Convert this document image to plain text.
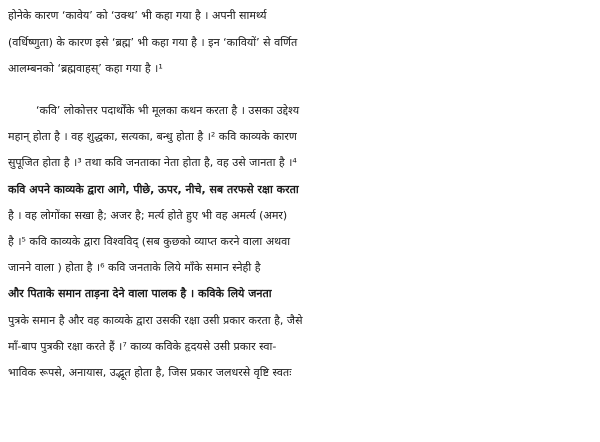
होनेके कारण ‘कावेय’ को ‘उक्थ’ भी कहा गया है । अपनी सामर्थ्य
(वर्धिष्णुता) के कारण इसे ‘ब्रह्म’ भी कहा गया है । इन ‘कावियों’ से वर्णित
आलम्बनको ‘ब्रह्मवाहस्’ कहा गया है ।¹
‘कवि’ लोकोत्तर पदार्थोंके भी मूलका कथन करता है । उसका उद्देश्य
महान् होता है । वह शुद्धका, सत्यका, बन्धु होता है ।² कवि काव्यके कारण
सुपूजित होता है ।³ तथा कवि जनताका नेता होता है, वह उसे जानता है ।⁴
कवि अपने काव्यके द्वारा आगे, पीछे, ऊपर, नीचे, सब तरफसे रक्षा करता
है । वह लोगोंका सखा है; अजर है; मर्त्य होते हुए भी वह अमर्त्य (अमर)
है ।⁵ कवि काव्यके द्वारा विश्वविद् (सब कुछको व्याप्त करने वाला अथवा
जानने वाला ) होता है ।⁶ कवि जनताके लिये माँके समान स्नेही है
और पिताके समान ताड़ना देने वाला पालक है । कविके लिये जनता
पुत्रके समान है और वह काव्यके द्वारा उसकी रक्षा उसी प्रकार करता है, जैसे
माँ-बाप पुत्रकी रक्षा करते हैं ।⁷ काव्य कविके हृदयसे उसी प्रकार स्वा-
भाविक रूपसे, अनायास, उद्भूत होता है, जिस प्रकार जलधरसे वृष्टि स्वतः
